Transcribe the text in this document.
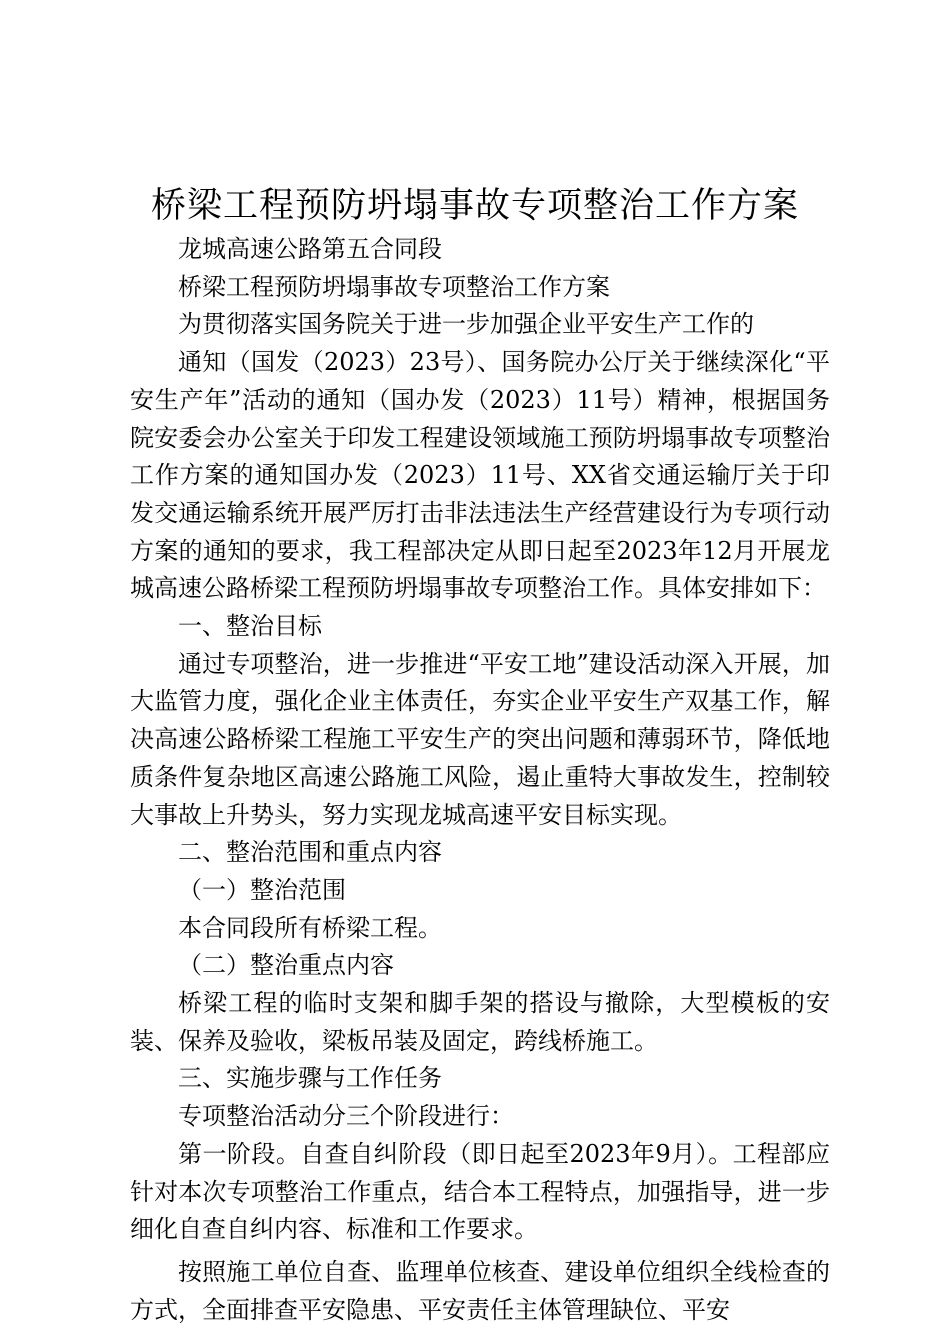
桥梁工程预防坍塌事故专项整治工作方案

龙城高速公路第五合同段

桥梁工程预防坍塌事故专项整治工作方案

为贯彻落实国务院关于进一步加强企业平安生产工作的

通知（国发（2023）23号）、国务院办公厅关于继续深化“平安生产年”活动的通知（国办发（2023）11号）精神，根据国务院安委会办公室关于印发工程建设领域施工预防坍塌事故专项整治工作方案的通知国办发（2023）11号、XX省交通运输厅关于印发交通运输系统开展严厉打击非法违法生产经营建设行为专项行动方案的通知的要求，我工程部决定从即日起至2023年12月开展龙城高速公路桥梁工程预防坍塌事故专项整治工作。具体安排如下：

一、整治目标

通过专项整治，进一步推进“平安工地”建设活动深入开展，加大监管力度，强化企业主体责任，夯实企业平安生产双基工作，解决高速公路桥梁工程施工平安生产的突出问题和薄弱环节，降低地质条件复杂地区高速公路施工风险，遏止重特大事故发生，控制较大事故上升势头，努力实现龙城高速平安目标实现。

二、整治范围和重点内容

（一）整治范围

本合同段所有桥梁工程。

（二）整治重点内容

桥梁工程的临时支架和脚手架的搭设与撤除，大型模板的安装、保养及验收，梁板吊装及固定，跨线桥施工。

三、实施步骤与工作任务

专项整治活动分三个阶段进行：

第一阶段。自查自纠阶段（即日起至2023年9月）。工程部应针对本次专项整治工作重点，结合本工程特点，加强指导，进一步细化自查自纠内容、标准和工作要求。

按照施工单位自查、监理单位核查、建设单位组织全线检查的方式，全面排查平安隐患、平安责任主体管理缺位、平安
